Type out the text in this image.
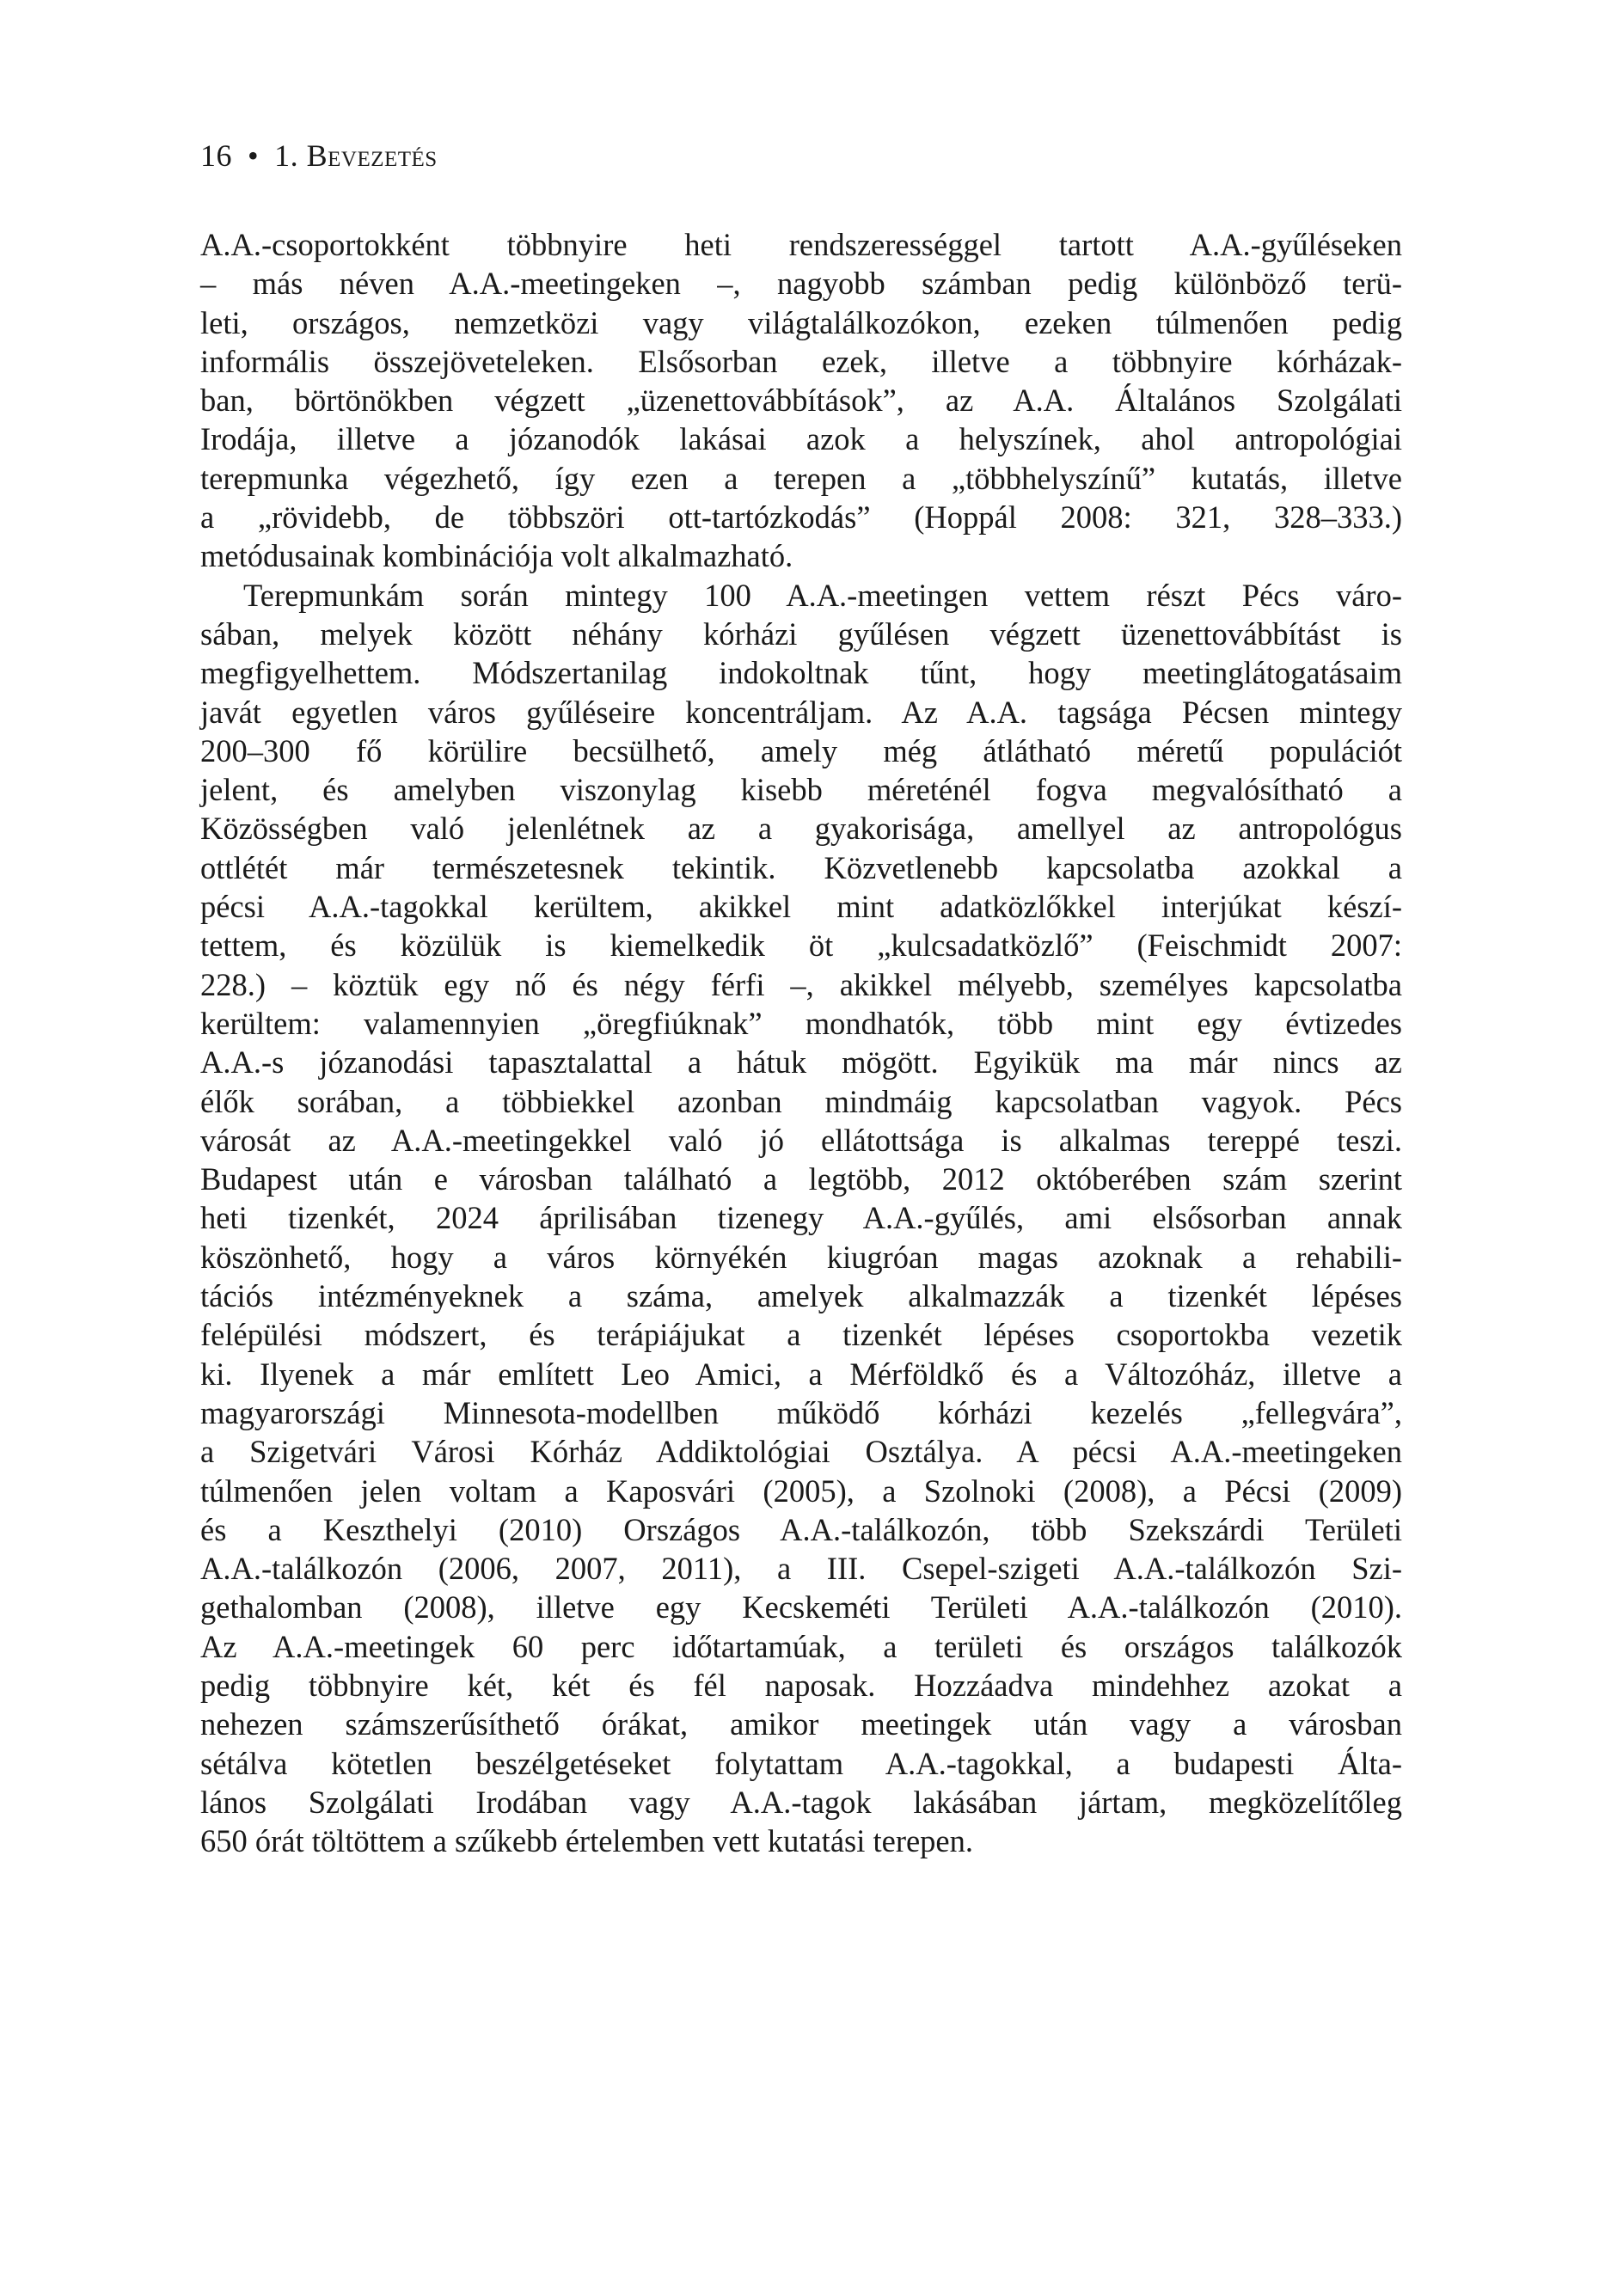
16 • 1. Bevezetés
A.A.-csoportokként többnyire heti rendszerességgel tartott A.A.-gyűléseken
– más néven A.A.-meetingeken –, nagyobb számban pedig különböző terü-
leti, országos, nemzetközi vagy világtalálkozókon, ezeken túlmenően pedig
informális összejöveteleken. Elsősorban ezek, illetve a többnyire kórházak-
ban, börtönökben végzett „üzenettovábbítások”, az A.A. Általános Szolgálati
Irodája, illetve a józanodók lakásai azok a helyszínek, ahol antropológiai
terepmunka végezhető, így ezen a terepen a „többhelyszínű” kutatás, illetve
a „rövidebb, de többszöri ott-tartózkodás” (Hoppál 2008: 321, 328–333.)
metódusainak kombinációja volt alkalmazható.
Terepmunkám során mintegy 100 A.A.-meetingen vettem részt Pécs váro-
sában, melyek között néhány kórházi gyűlésen végzett üzenettovábbítást is
megfigyelhettem. Módszertanilag indokoltnak tűnt, hogy meetinglátogatásaim
javát egyetlen város gyűléseire koncentráljam. Az A.A. tagsága Pécsen mintegy
200–300 fő körülire becsülhető, amely még átlátható méretű populációt
jelent, és amelyben viszonylag kisebb méreténél fogva megvalósítható a
Közösségben való jelenlétnek az a gyakorisága, amellyel az antropológus
ottlétét már természetesnek tekintik. Közvetlenebb kapcsolatba azokkal a
pécsi A.A.-tagokkal kerültem, akikkel mint adatközlőkkel interjúkat készí-
tettem, és közülük is kiemelkedik öt „kulcsadatközlő” (Feischmidt 2007:
228.) – köztük egy nő és négy férfi –, akikkel mélyebb, személyes kapcsolatba
kerültem: valamennyien „öregfiúknak” mondhatók, több mint egy évtizedes
A.A.-s józanodási tapasztalattal a hátuk mögött. Egyikük ma már nincs az
élők sorában, a többiekkel azonban mindmáig kapcsolatban vagyok. Pécs
városát az A.A.-meetingekkel való jó ellátottsága is alkalmas tereppé teszi.
Budapest után e városban található a legtöbb, 2012 októberében szám szerint
heti tizenkét, 2024 áprilisában tizenegy A.A.-gyűlés, ami elsősorban annak
köszönhető, hogy a város környékén kiugróan magas azoknak a rehabili-
tációs intézményeknek a száma, amelyek alkalmazzák a tizenkét lépéses
felépülési módszert, és terápiájukat a tizenkét lépéses csoportokba vezetik
ki. Ilyenek a már említett Leo Amici, a Mérföldkő és a Változóház, illetve a
magyarországi Minnesota-modellben működő kórházi kezelés „fellegvára”,
a Szigetvári Városi Kórház Addiktológiai Osztálya. A pécsi A.A.-meetingeken
túlmenően jelen voltam a Kaposvári (2005), a Szolnoki (2008), a Pécsi (2009)
és a Keszthelyi (2010) Országos A.A.-találkozón, több Szekszárdi Területi
A.A.-találkozón (2006, 2007, 2011), a III. Csepel-szigeti A.A.-találkozón Szi-
gethalomban (2008), illetve egy Kecskeméti Területi A.A.-találkozón (2010).
Az A.A.-meetingek 60 perc időtartamúak, a területi és országos találkozók
pedig többnyire két, két és fél naposak. Hozzáadva mindehhez azokat a
nehezen számszerűsíthető órákat, amikor meetingek után vagy a városban
sétálva kötetlen beszélgetéseket folytattam A.A.-tagokkal, a budapesti Álta-
lános Szolgálati Irodában vagy A.A.-tagok lakásában jártam, megközelítőleg
650 órát töltöttem a szűkebb értelemben vett kutatási terepen.
